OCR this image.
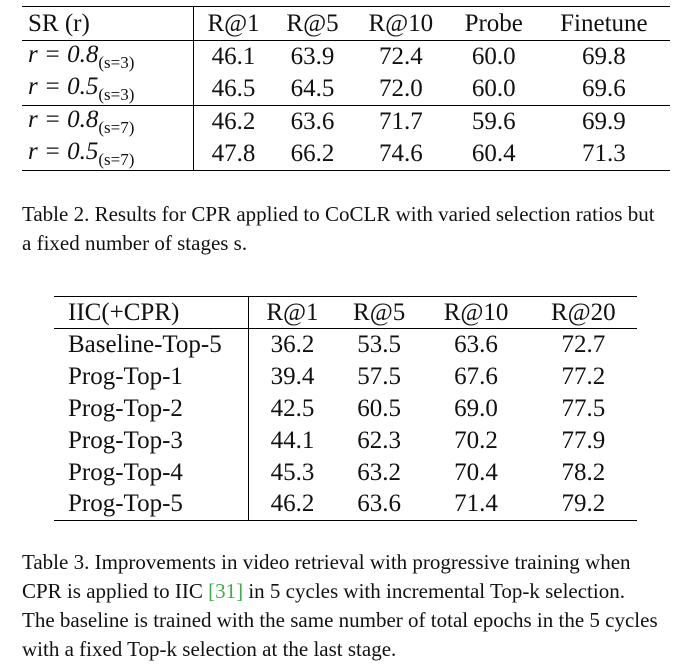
SR (r)	R@1	R@5	R@10	Probe	Finetune
$r = 0.8_{(s=3)}$	46.1	63.9	72.4	60.0	69.8
$r = 0.5_{(s=3)}$	46.5	64.5	72.0	60.0	69.6
$r = 0.8_{(s=7)}$	46.2	63.6	71.7	59.6	69.9
$r = 0.5_{(s=7)}$	47.8	66.2	74.6	60.4	71.3
Table 2. Results for CPR applied to CoCLR with varied selection ratios but a fixed number of stages s.
IIC(+CPR)	R@1	R@5	R@10	R@20
Baseline-Top-5	36.2	53.5	63.6	72.7
Prog-Top-1	39.4	57.5	67.6	77.2
Prog-Top-2	42.5	60.5	69.0	77.5
Prog-Top-3	44.1	62.3	70.2	77.9
Prog-Top-4	45.3	63.2	70.4	78.2
Prog-Top-5	46.2	63.6	71.4	79.2
Table 3. Improvements in video retrieval with progressive training when CPR is applied to IIC [31] in 5 cycles with incremental Top-k selection. The baseline is trained with the same number of total epochs in the 5 cycles with a fixed Top-k selection at the last stage.
